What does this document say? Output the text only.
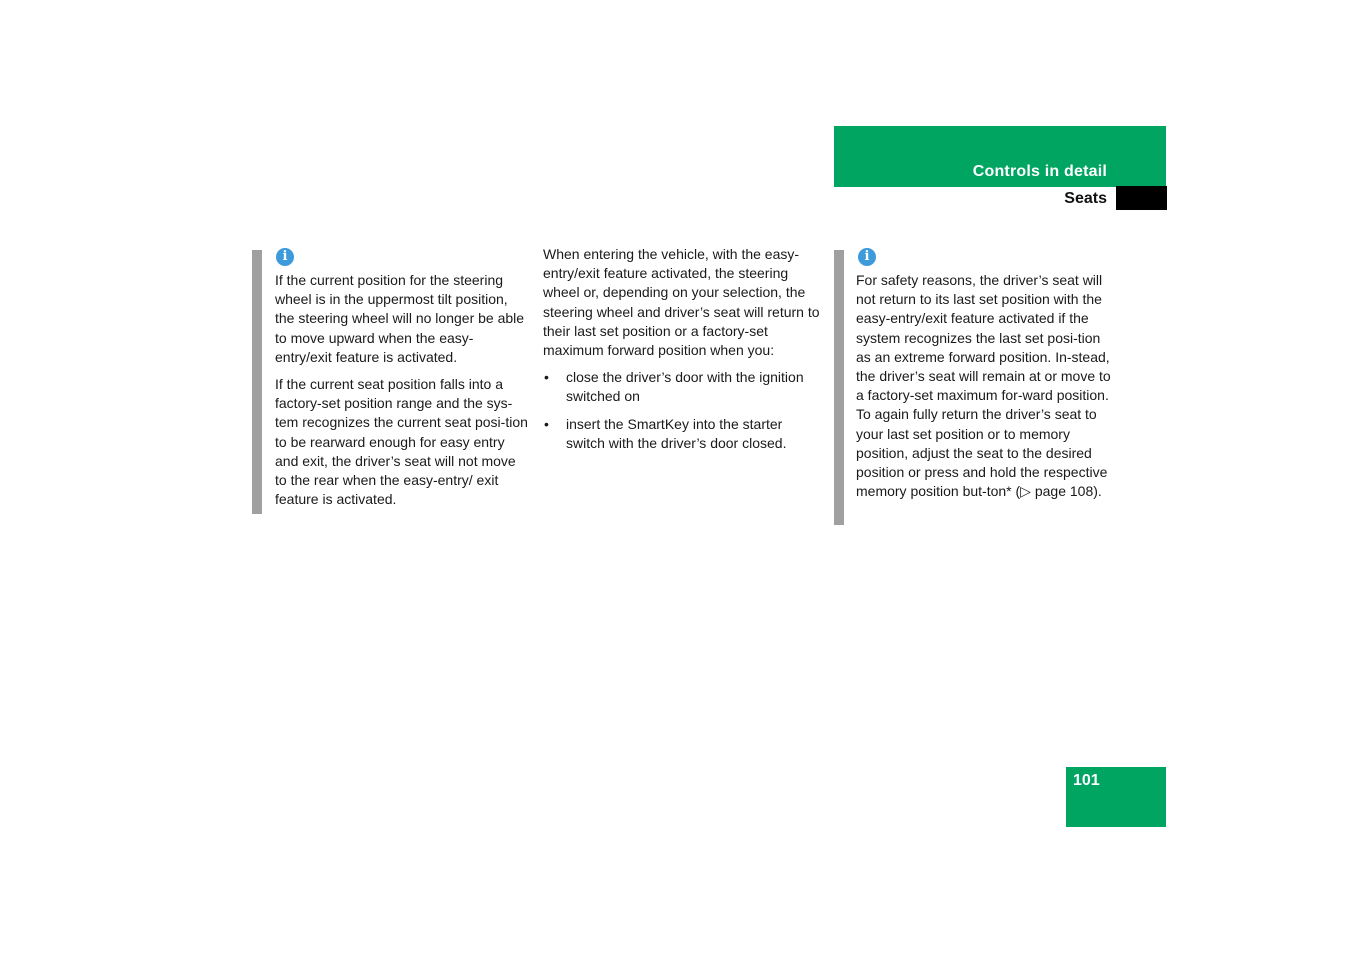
Controls in detail
Seats
i

If the current position for the steering wheel is in the uppermost tilt position, the steering wheel will no longer be able to move upward when the easy-entry/exit feature is activated.

If the current seat position falls into a factory-set position range and the sys-tem recognizes the current seat posi-tion to be rearward enough for easy entry and exit, the driver’s seat will not move to the rear when the easy-entry/ exit feature is activated.

When entering the vehicle, with the easy-entry/exit feature activated, the steering wheel or, depending on your selection, the steering wheel and driver’s seat will return to their last set position or a factory-set maximum forward position when you:

• close the driver’s door with the ignition switched on
• insert the SmartKey into the starter switch with the driver’s door closed.
i

For safety reasons, the driver’s seat will not return to its last set position with the easy-entry/exit feature activated if the system recognizes the last set posi-tion as an extreme forward position. In-stead, the driver’s seat will remain at or move to a factory-set maximum for-ward position. To again fully return the driver’s seat to your last set position or to memory position, adjust the seat to the desired position or press and hold the respective memory position but-ton* (▷ page 108).

101
